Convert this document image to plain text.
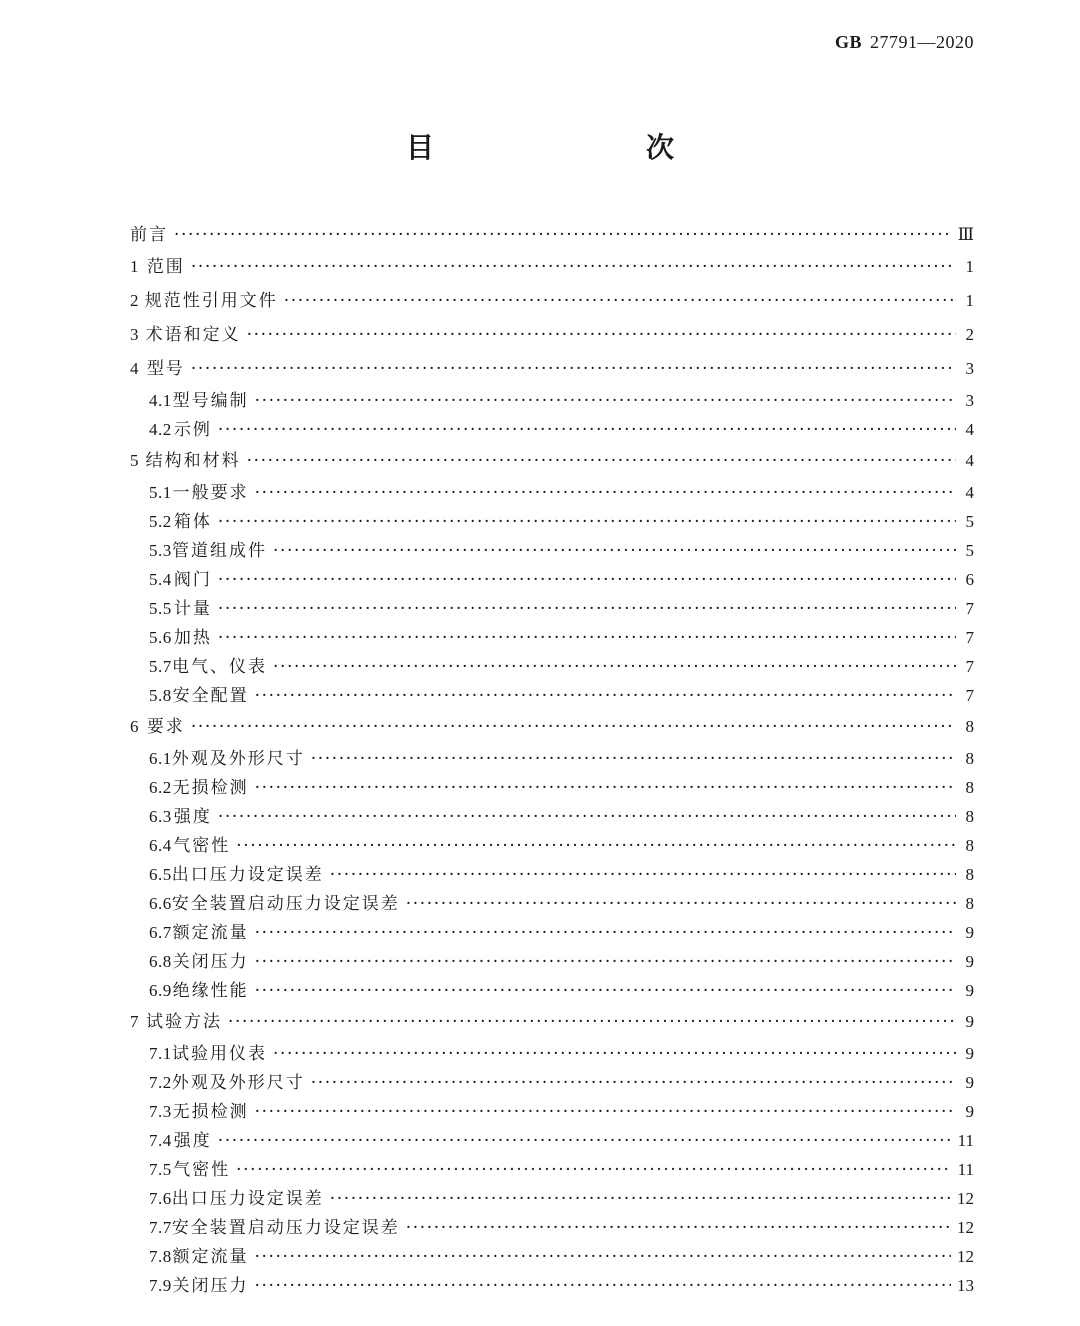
GB 27791—2020
目　　次
前言 ·····	Ⅲ
1 范围 ·····	1
2 规范性引用文件 ·····	1
3 术语和定义 ·····	2
4 型号 ·····	3
4.1 型号编制 ·····	3
4.2 示例 ·····	4
5 结构和材料 ·····	4
5.1 一般要求 ·····	4
5.2 箱体 ·····	5
5.3 管道组成件 ·····	5
5.4 阀门 ·····	6
5.5 计量 ·····	7
5.6 加热 ·····	7
5.7 电气、仪表 ·····	7
5.8 安全配置 ·····	7
6 要求 ·····	8
6.1 外观及外形尺寸 ·····	8
6.2 无损检测 ·····	8
6.3 强度 ·····	8
6.4 气密性 ·····	8
6.5 出口压力设定误差 ·····	8
6.6 安全装置启动压力设定误差 ·····	8
6.7 额定流量 ·····	9
6.8 关闭压力 ·····	9
6.9 绝缘性能 ·····	9
7 试验方法 ·····	9
7.1 试验用仪表 ·····	9
7.2 外观及外形尺寸 ·····	9
7.3 无损检测 ·····	9
7.4 强度 ·····	11
7.5 气密性 ·····	11
7.6 出口压力设定误差 ·····	12
7.7 安全装置启动压力设定误差 ·····	12
7.8 额定流量 ·····	12
7.9 关闭压力 ·····	13
